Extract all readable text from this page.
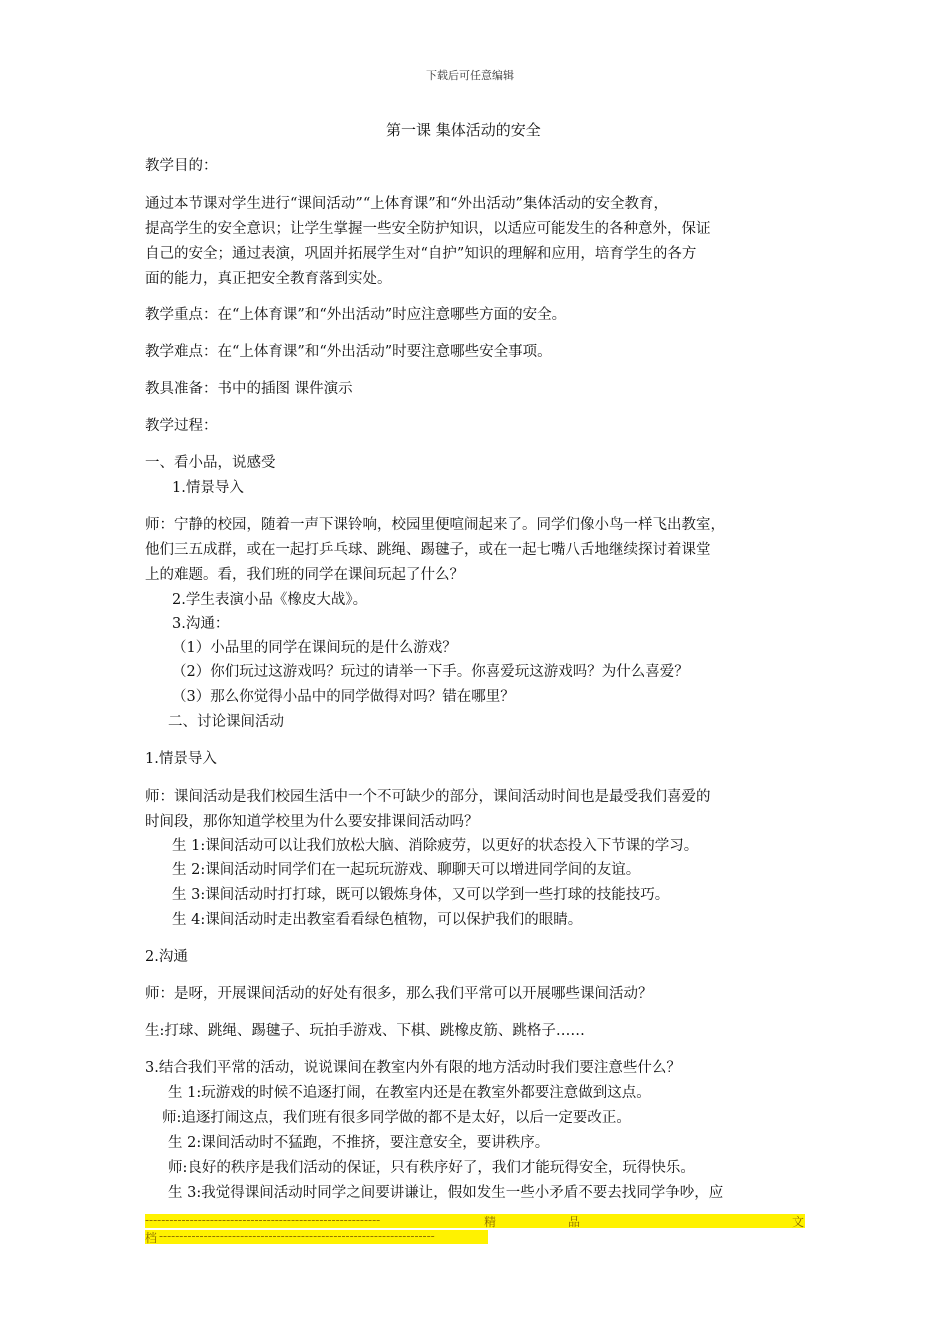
下载后可任意编辑
第一课 集体活动的安全
教学目的：
通过本节课对学生进行“课间活动”“上体育课”和“外出活动”集体活动的安全教育，
提高学生的安全意识；让学生掌握一些安全防护知识，以适应可能发生的各种意外，保证
自己的安全；通过表演，巩固并拓展学生对“自护”知识的理解和应用，培育学生的各方
面的能力，真正把安全教育落到实处。
教学重点：在“上体育课”和“外出活动”时应注意哪些方面的安全。
教学难点：在“上体育课”和“外出活动”时要注意哪些安全事项。
教具准备：书中的插图 课件演示
教学过程：
一、看小品，说感受
1.情景导入
师：宁静的校园，随着一声下课铃响，校园里便喧闹起来了。同学们像小鸟一样飞出教室，
他们三五成群，或在一起打乒乓球、跳绳、踢毽子，或在一起七嘴八舌地继续探讨着课堂
上的难题。看，我们班的同学在课间玩起了什么？
2.学生表演小品《橡皮大战》。
3.沟通：
（1）小品里的同学在课间玩的是什么游戏？
（2）你们玩过这游戏吗？玩过的请举一下手。你喜爱玩这游戏吗？为什么喜爱？
（3）那么你觉得小品中的同学做得对吗？错在哪里？
二、讨论课间活动
1.情景导入
师：课间活动是我们校园生活中一个不可缺少的部分，课间活动时间也是最受我们喜爱的
时间段，那你知道学校里为什么要安排课间活动吗？
生 1:课间活动可以让我们放松大脑、消除疲劳，以更好的状态投入下节课的学习。
生 2:课间活动时同学们在一起玩玩游戏、聊聊天可以增进同学间的友谊。
生 3:课间活动时打打球，既可以锻炼身体，又可以学到一些打球的技能技巧。
生 4:课间活动时走出教室看看绿色植物，可以保护我们的眼睛。
2.沟通
师：是呀，开展课间活动的好处有很多，那么我们平常可以开展哪些课间活动？
生:打球、跳绳、踢毽子、玩拍手游戏、下棋、跳橡皮筋、跳格子……
3.结合我们平常的活动，说说课间在教室内外有限的地方活动时我们要注意些什么？
生 1:玩游戏的时候不追逐打闹，在教室内还是在教室外都要注意做到这点。
师:追逐打闹这点，我们班有很多同学做的都不是太好，以后一定要改正。
生 2:课间活动时不猛跑，不推挤，要注意安全，要讲秩序。
师:良好的秩序是我们活动的保证，只有秩序好了，我们才能玩得安全，玩得快乐。
生 3:我觉得课间活动时同学之间要讲谦让，假如发生一些小矛盾不要去找同学争吵，应
----------------------------------------------------------	精	品	文
档 --------------------------------------------------------------------
